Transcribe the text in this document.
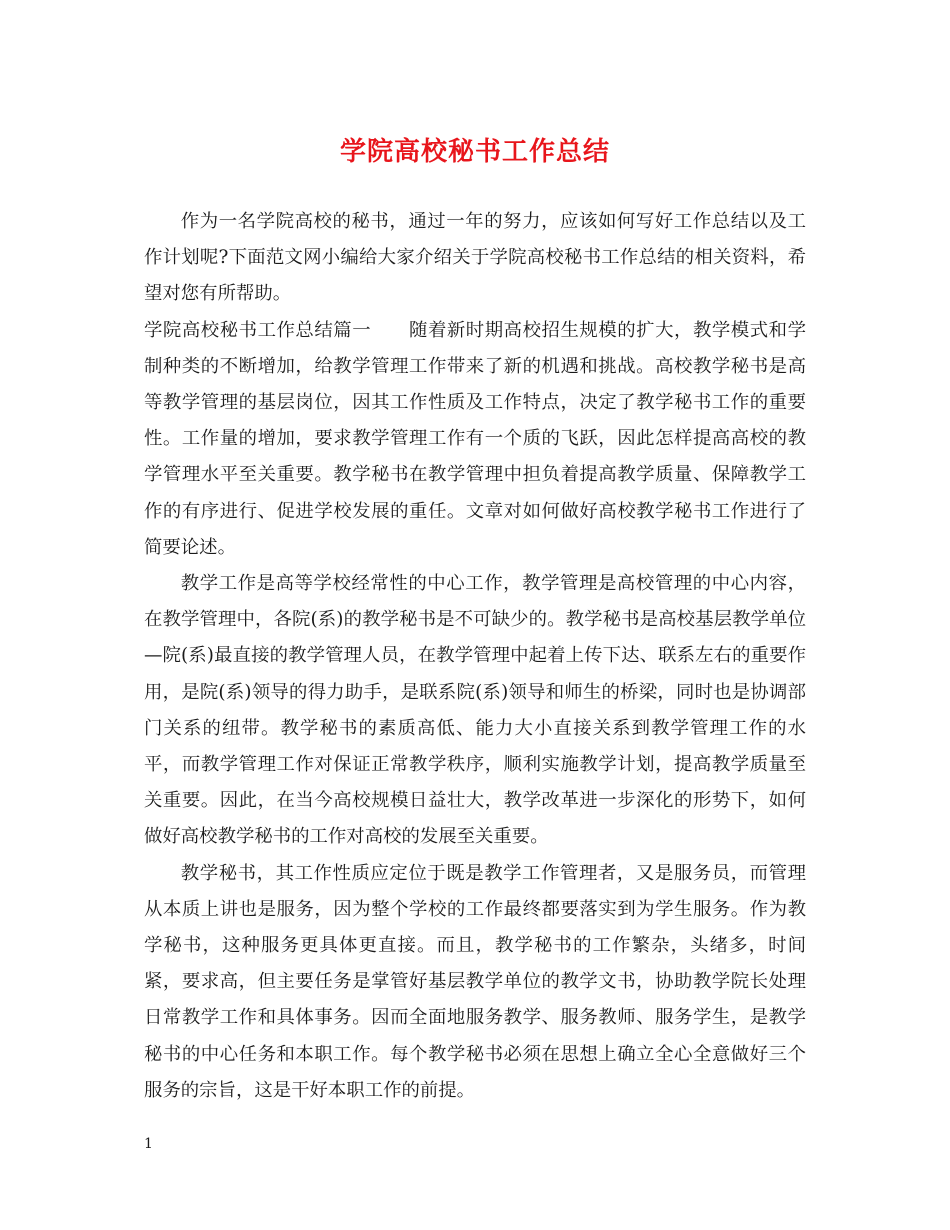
学院高校秘书工作总结

作为一名学院高校的秘书，通过一年的努力，应该如何写好工作总结以及工作计划呢?下面范文网小编给大家介绍关于学院高校秘书工作总结的相关资料，希望对您有所帮助。

学院高校秘书工作总结篇一　　随着新时期高校招生规模的扩大，教学模式和学制种类的不断增加，给教学管理工作带来了新的机遇和挑战。高校教学秘书是高等教学管理的基层岗位，因其工作性质及工作特点，决定了教学秘书工作的重要性。工作量的增加，要求教学管理工作有一个质的飞跃，因此怎样提高高校的教学管理水平至关重要。教学秘书在教学管理中担负着提高教学质量、保障教学工作的有序进行、促进学校发展的重任。文章对如何做好高校教学秘书工作进行了简要论述。

教学工作是高等学校经常性的中心工作，教学管理是高校管理的中心内容，在教学管理中，各院(系)的教学秘书是不可缺少的。教学秘书是高校基层教学单位—院(系)最直接的教学管理人员，在教学管理中起着上传下达、联系左右的重要作用，是院(系)领导的得力助手，是联系院(系)领导和师生的桥梁，同时也是协调部门关系的纽带。教学秘书的素质高低、能力大小直接关系到教学管理工作的水平，而教学管理工作对保证正常教学秩序，顺利实施教学计划，提高教学质量至关重要。因此，在当今高校规模日益壮大，教学改革进一步深化的形势下，如何做好高校教学秘书的工作对高校的发展至关重要。

教学秘书，其工作性质应定位于既是教学工作管理者，又是服务员，而管理从本质上讲也是服务，因为整个学校的工作最终都要落实到为学生服务。作为教学秘书，这种服务更具体更直接。而且，教学秘书的工作繁杂，头绪多，时间紧，要求高，但主要任务是掌管好基层教学单位的教学文书，协助教学院长处理日常教学工作和具体事务。因而全面地服务教学、服务教师、服务学生，是教学秘书的中心任务和本职工作。每个教学秘书必须在思想上确立全心全意做好三个服务的宗旨，这是干好本职工作的前提。

1
